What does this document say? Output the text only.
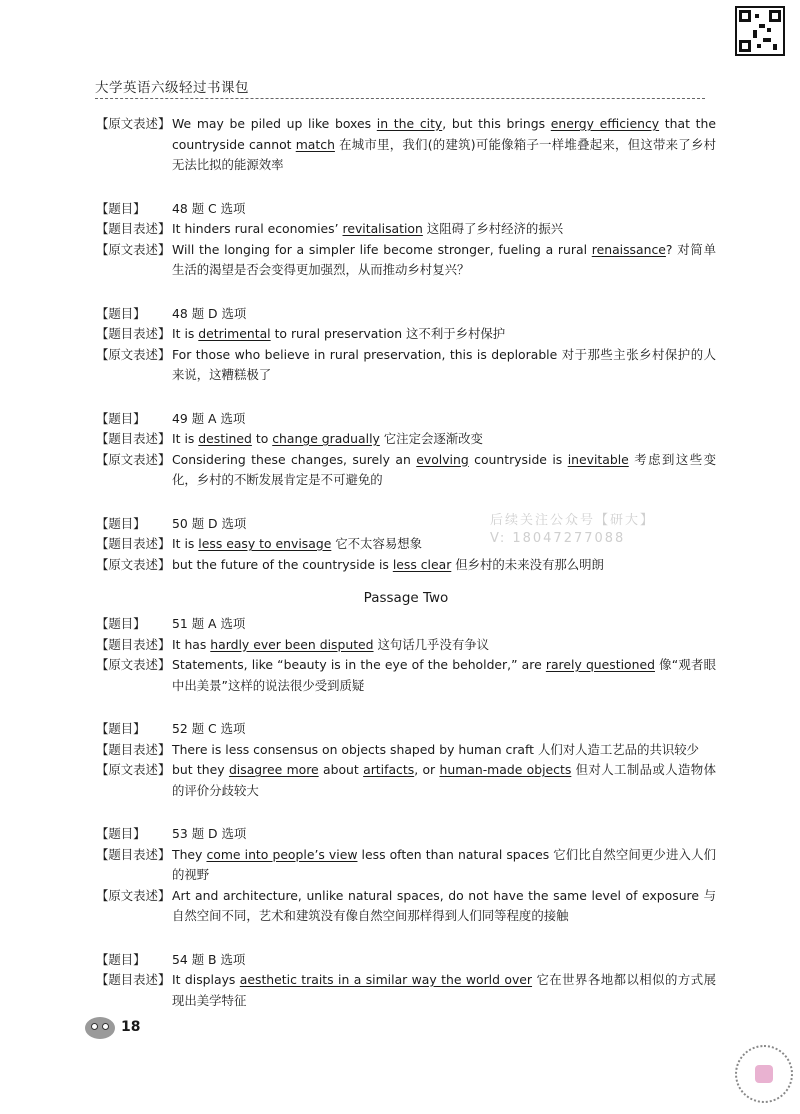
大学英语六级轻过书课包
【原文表述】 We may be piled up like boxes in the city, but this brings energy efficiency that the countryside cannot match 在城市里，我们(的建筑)可能像箱子一样堆叠起来，但这带来了乡村无法比拟的能源效率
【题目】	48 题 C 选项
【题目表述】 It hinders rural economies’ revitalisation 这阻碍了乡村经济的振兴
【原文表述】 Will the longing for a simpler life become stronger, fueling a rural renaissance? 对简单生活的渴望是否会变得更加强烈，从而推动乡村复兴？
【题目】	48 题 D 选项
【题目表述】 It is detrimental to rural preservation 这不利于乡村保护
【原文表述】 For those who believe in rural preservation, this is deplorable 对于那些主张乡村保护的人来说，这糟糕极了
【题目】	49 题 A 选项
【题目表述】 It is destined to change gradually 它注定会逐渐改变
【原文表述】 Considering these changes, surely an evolving countryside is inevitable 考虑到这些变化，乡村的不断发展肯定是不可避免的
【题目】	50 题 D 选项
【题目表述】 It is less easy to envisage 它不太容易想象
【原文表述】 but the future of the countryside is less clear 但乡村的未来没有那么明朗
Passage Two
【题目】	51 题 A 选项
【题目表述】 It has hardly ever been disputed 这句话几乎没有争议
【原文表述】 Statements, like “beauty is in the eye of the beholder,” are rarely questioned 像“观者眼中出美景”这样的说法很少受到质疑
【题目】	52 题 C 选项
【题目表述】 There is less consensus on objects shaped by human craft 人们对人造工艺品的共识较少
【原文表述】 but they disagree more about artifacts, or human-made objects 但对人工制品或人造物体的评价分歧较大
【题目】	53 题 D 选项
【题目表述】 They come into people’s view less often than natural spaces 它们比自然空间更少进入人们的视野
【原文表述】 Art and architecture, unlike natural spaces, do not have the same level of exposure 与自然空间不同，艺术和建筑没有像自然空间那样得到人们同等程度的接触
【题目】	54 题 B 选项
【题目表述】 It displays aesthetic traits in a similar way the world over 它在世界各地都以相似的方式展现出美学特征
后续关注公众号【研大】
V: 18047277088
18
